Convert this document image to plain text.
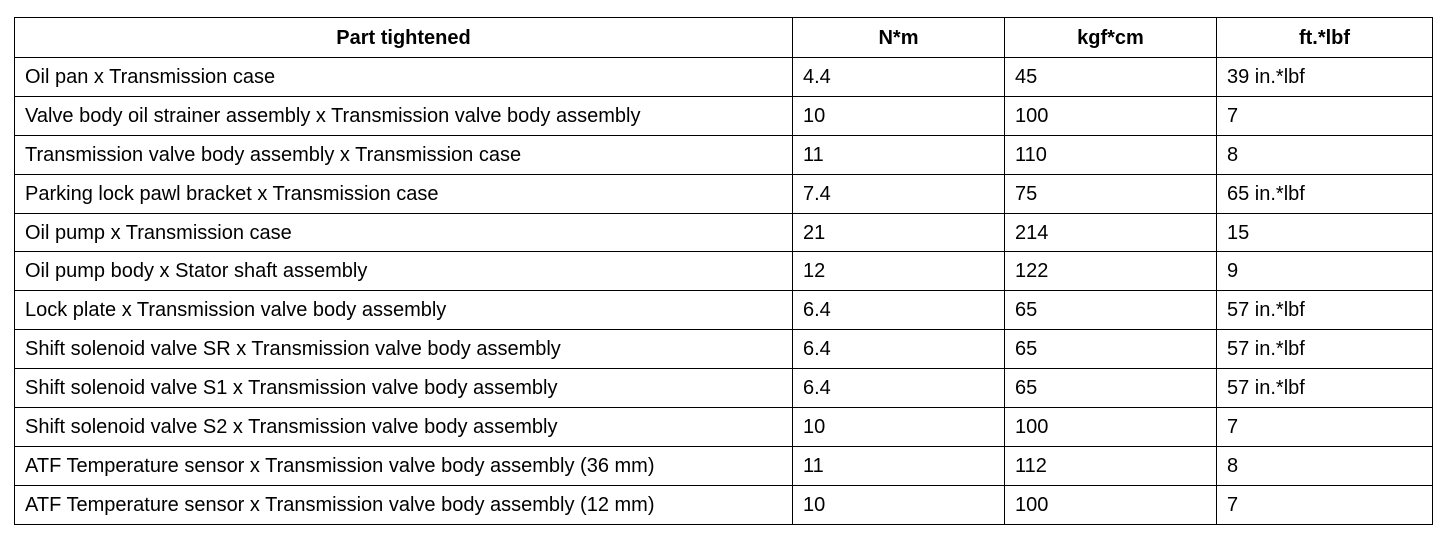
Part tightened	N*m	kgf*cm	ft.*lbf
Oil pan x Transmission case	4.4	45	39 in.*lbf
Valve body oil strainer assembly x Transmission valve body assembly	10	100	7
Transmission valve body assembly x Transmission case	11	110	8
Parking lock pawl bracket x Transmission case	7.4	75	65 in.*lbf
Oil pump x Transmission case	21	214	15
Oil pump body x Stator shaft assembly	12	122	9
Lock plate x Transmission valve body assembly	6.4	65	57 in.*lbf
Shift solenoid valve SR x Transmission valve body assembly	6.4	65	57 in.*lbf
Shift solenoid valve S1 x Transmission valve body assembly	6.4	65	57 in.*lbf
Shift solenoid valve S2 x Transmission valve body assembly	10	100	7
ATF Temperature sensor x Transmission valve body assembly (36 mm)	11	112	8
ATF Temperature sensor x Transmission valve body assembly (12 mm)	10	100	7
